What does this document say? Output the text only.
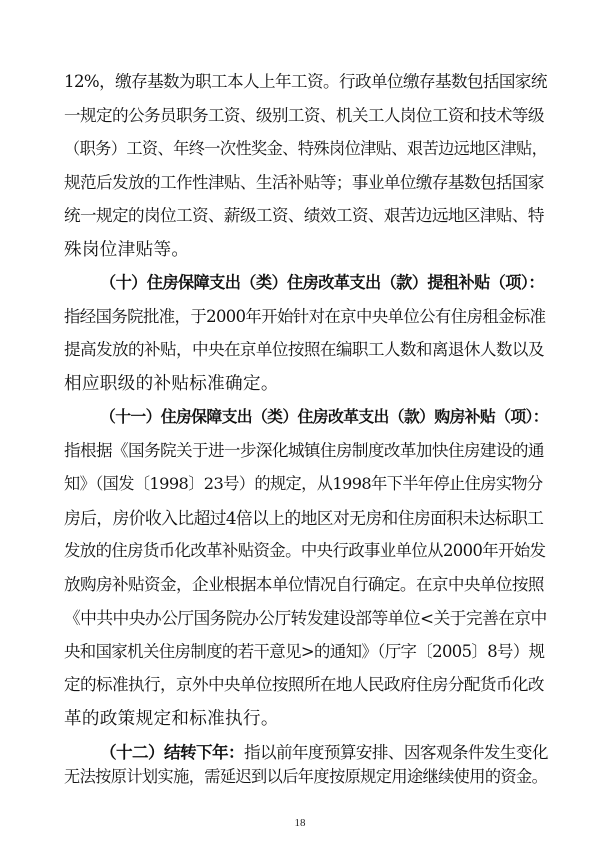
12%，缴存基数为职工本人上年工资。行政单位缴存基数包括国家统
一规定的公务员职务工资、级别工资、机关工人岗位工资和技术等级
（职务）工资、年终一次性奖金、特殊岗位津贴、艰苦边远地区津贴，
规范后发放的工作性津贴、生活补贴等；事业单位缴存基数包括国家
统一规定的岗位工资、薪级工资、绩效工资、艰苦边远地区津贴、特
殊岗位津贴等。
（十）住房保障支出（类）住房改革支出（款）提租补贴（项）：
指经国务院批准，于2000年开始针对在京中央单位公有住房租金标准
提高发放的补贴，中央在京单位按照在编职工人数和离退休人数以及
相应职级的补贴标准确定。
（十一）住房保障支出（类）住房改革支出（款）购房补贴（项）：
指根据《国务院关于进一步深化城镇住房制度改革加快住房建设的通
知》（国发〔1998〕23号）的规定，从1998年下半年停止住房实物分
房后，房价收入比超过4倍以上的地区对无房和住房面积未达标职工
发放的住房货币化改革补贴资金。中央行政事业单位从2000年开始发
放购房补贴资金，企业根据本单位情况自行确定。在京中央单位按照
《中共中央办公厅国务院办公厅转发建设部等单位<关于完善在京中
央和国家机关住房制度的若干意见>的通知》（厅字〔2005〕8号）规
定的标准执行，京外中央单位按照所在地人民政府住房分配货币化改
革的政策规定和标准执行。
（十二）结转下年：指以前年度预算安排、因客观条件发生变化
无法按原计划实施，需延迟到以后年度按原规定用途继续使用的资金。
18
